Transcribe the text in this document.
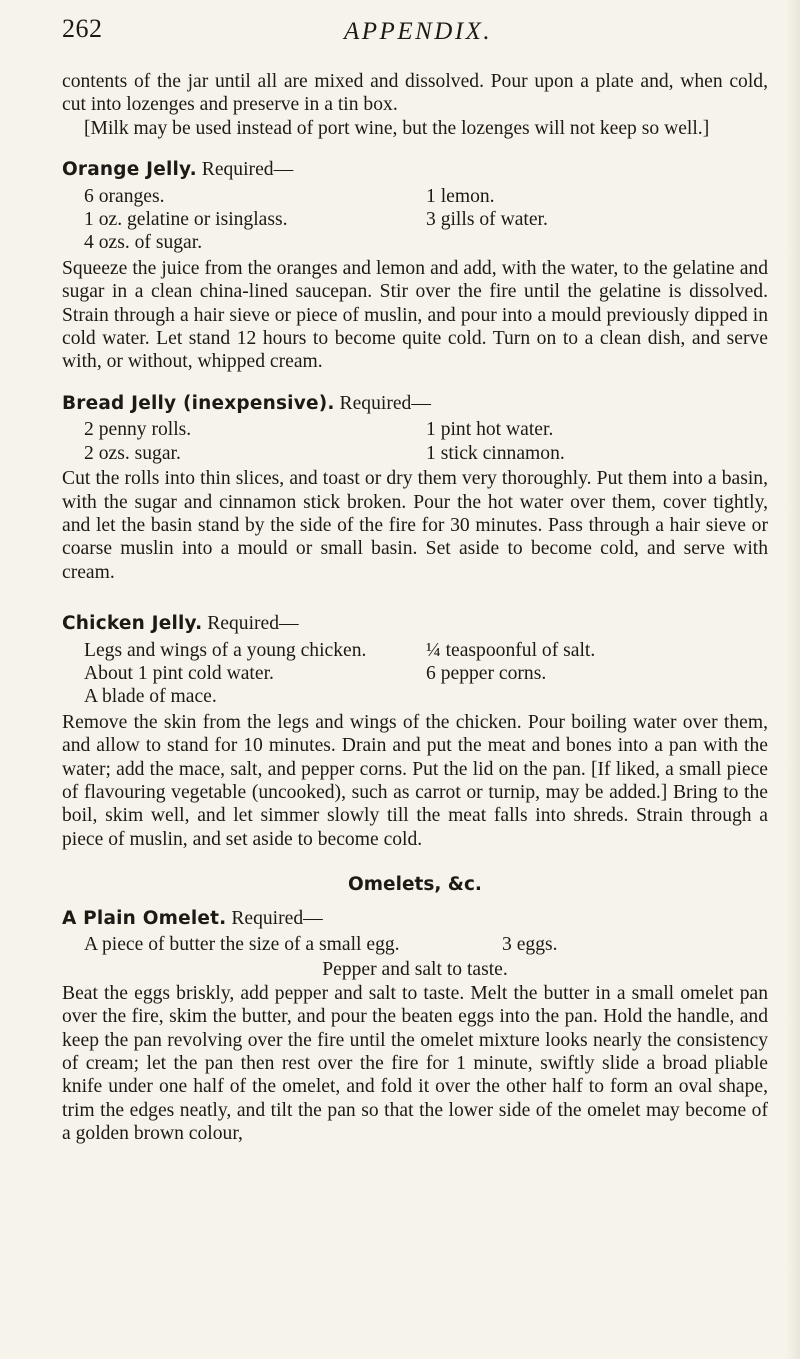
262	APPENDIX.

contents of the jar until all are mixed and dissolved. Pour upon a plate and, when cold, cut into lozenges and preserve in a tin box.

[Milk may be used instead of port wine, but the lozenges will not keep so well.]

Orange Jelly. Required—
6 oranges.	1 lemon.
1 oz. gelatine or isinglass.	3 gills of water.
4 ozs. of sugar.

Squeeze the juice from the oranges and lemon and add, with the water, to the gelatine and sugar in a clean china-lined saucepan. Stir over the fire until the gelatine is dissolved. Strain through a hair sieve or piece of muslin, and pour into a mould previously dipped in cold water. Let stand 12 hours to become quite cold. Turn on to a clean dish, and serve with, or without, whipped cream.

Bread Jelly (inexpensive). Required—
2 penny rolls.	1 pint hot water.
2 ozs. sugar.	1 stick cinnamon.

Cut the rolls into thin slices, and toast or dry them very thoroughly. Put them into a basin, with the sugar and cinnamon stick broken. Pour the hot water over them, cover tightly, and let the basin stand by the side of the fire for 30 minutes. Pass through a hair sieve or coarse muslin into a mould or small basin. Set aside to become cold, and serve with cream.

Chicken Jelly. Required—
Legs and wings of a young chicken.	¼ teaspoonful of salt.
About 1 pint cold water.	6 pepper corns.
A blade of mace.

Remove the skin from the legs and wings of the chicken. Pour boiling water over them, and allow to stand for 10 minutes. Drain and put the meat and bones into a pan with the water; add the mace, salt, and pepper corns. Put the lid on the pan. [If liked, a small piece of flavouring vegetable (uncooked), such as carrot or turnip, may be added.] Bring to the boil, skim well, and let simmer slowly till the meat falls into shreds. Strain through a piece of muslin, and set aside to become cold.

Omelets, &c.
A Plain Omelet. Required—
A piece of butter the size of a small egg.	3 eggs.
Pepper and salt to taste.

Beat the eggs briskly, add pepper and salt to taste. Melt the butter in a small omelet pan over the fire, skim the butter, and pour the beaten eggs into the pan. Hold the handle, and keep the pan revolving over the fire until the omelet mixture looks nearly the consistency of cream; let the pan then rest over the fire for 1 minute, swiftly slide a broad pliable knife under one half of the omelet, and fold it over the other half to form an oval shape, trim the edges neatly, and tilt the pan so that the lower side of the omelet may become of a golden brown colour,
